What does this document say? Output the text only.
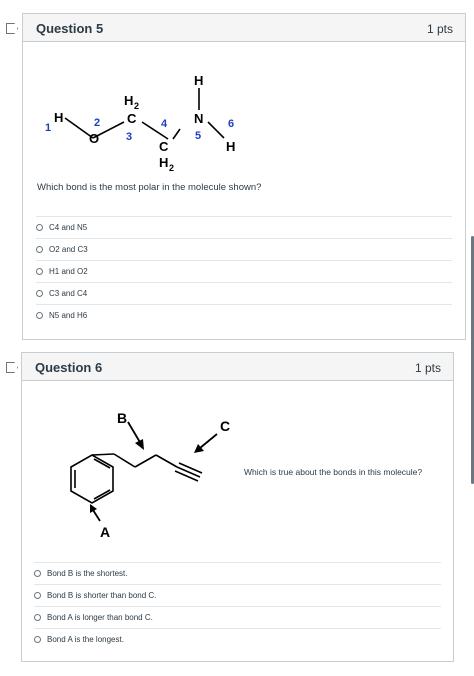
Question 5	1 pts
H
O
C
H 2
C
H 2
N
H
H
1	2
3
4
5
6
Which bond is the most polar in the molecule shown?
C4 and N5
O2 and C3
H1 and O2
C3 and C4
N5 and H6
Question 6	1 pts
A
B	C
Which is true about the bonds in this molecule?
Bond B is the shortest.
Bond B is shorter than bond C.
Bond A is longer than bond C.
Bond A is the longest.
